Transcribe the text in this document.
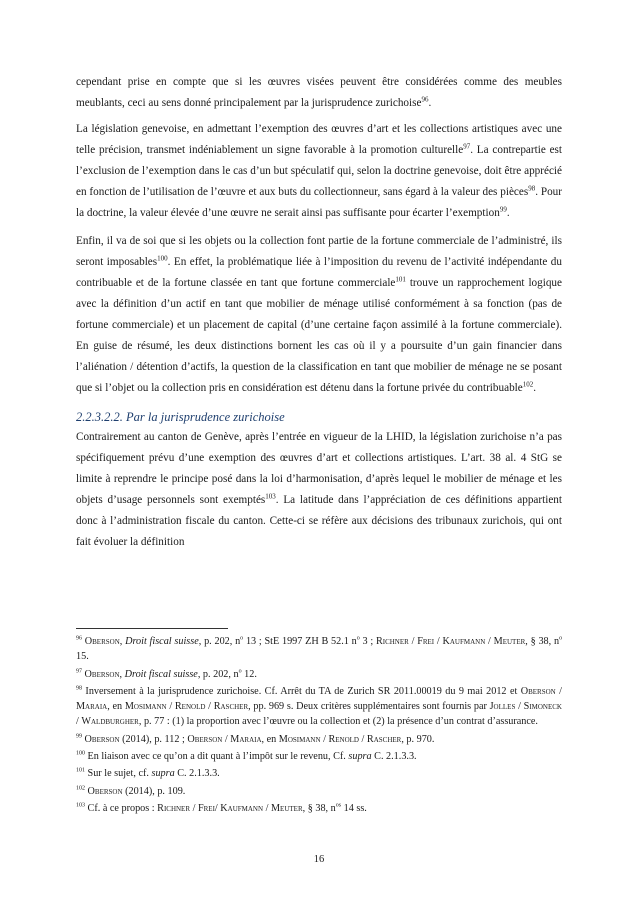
cependant prise en compte que si les œuvres visées peuvent être considérées comme des meubles meublants, ceci au sens donné principalement par la jurisprudence zurichoise$^{96}$.

La législation genevoise, en admettant l’exemption des œuvres d’art et les collections artistiques avec une telle précision, transmet indéniablement un signe favorable à la promotion culturelle$^{97}$. La contrepartie est l’exclusion de l’exemption dans le cas d’un but spéculatif qui, selon la doctrine genevoise, doit être apprécié en fonction de l’utilisation de l’œuvre et aux buts du collectionneur, sans égard à la valeur des pièces$^{98}$. Pour la doctrine, la valeur élevée d’une œuvre ne serait ainsi pas suffisante pour écarter l’exemption$^{99}$.

Enfin, il va de soi que si les objets ou la collection font partie de la fortune commerciale de l’administré, ils seront imposables$^{100}$. En effet, la problématique liée à l’imposition du revenu de l’activité indépendante du contribuable et de la fortune classée en tant que fortune commerciale$^{101}$ trouve un rapprochement logique avec la définition d’un actif en tant que mobilier de ménage utilisé conformément à sa fonction (pas de fortune commerciale) et un placement de capital (d’une certaine façon assimilé à la fortune commerciale). En guise de résumé, les deux distinctions bornent les cas où il y a poursuite d’un gain financier dans l’aliénation / détention d’actifs, la question de la classification en tant que mobilier de ménage ne se posant que si l’objet ou la collection pris en considération est détenu dans la fortune privée du contribuable$^{102}$.

2.2.3.2.2. Par la jurisprudence zurichoise

Contrairement au canton de Genève, après l’entrée en vigueur de la LHID, la législation zurichoise n’a pas spécifiquement prévu d’une exemption des œuvres d’art et collections artistiques. L’art. 38 al. 4 StG se limite à reprendre le principe posé dans la loi d’harmonisation, d’après lequel le mobilier de ménage et les objets d’usage personnels sont exemptés$^{103}$. La latitude dans l’appréciation de ces définitions appartient donc à l’administration fiscale du canton. Cette-ci se réfère aux décisions des tribunaux zurichois, qui ont fait évoluer la définition

$^{96}$ Oberson, Droit fiscal suisse, p. 202, $n^o$ 13 ; StE 1997 ZH B 52.1 $n^o$ 3 ; Richner / Frei / Kaufmann / Meuter, § 38, $n^o$ 15.
$^{97}$ Oberson, Droit fiscal suisse, p. 202, $n^o$ 12.
$^{98}$ Inversement à la jurisprudence zurichoise. Cf. Arrêt du TA de Zurich SR 2011.00019 du 9 mai 2012 et Oberson / Maraia, en Mosimann / Renold / Rascher, pp. 969 s. Deux critères supplémentaires sont fournis par Jolles / Simoneck / Waldburgher, p. 77 : (1) la proportion avec l’œuvre ou la collection et (2) la présence d’un contrat d’assurance.
$^{99}$ Oberson (2014), p. 112 ; Oberson / Maraia, en Mosimann / Renold / Rascher, p. 970.
$^{100}$ En liaison avec ce qu’on a dit quant à l’impôt sur le revenu, Cf. supra C. 2.1.3.3.
$^{101}$ Sur le sujet, cf. supra C. 2.1.3.3.
$^{102}$ Oberson (2014), p. 109.
$^{103}$ Cf. à ce propos : Richner / Frei/ Kaufmann / Meuter, § 38, $n^{os}$ 14 ss.
16
